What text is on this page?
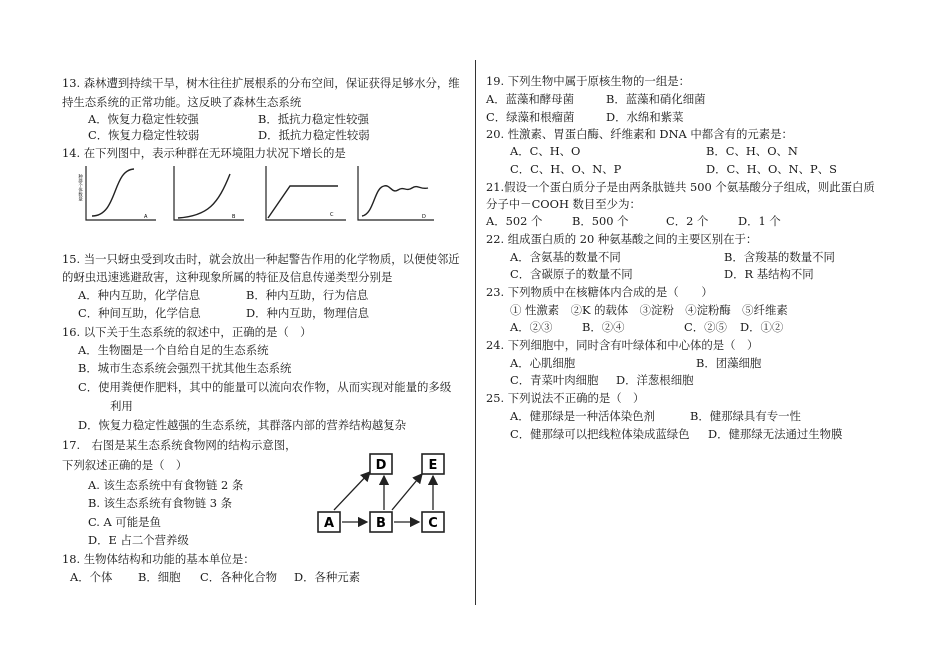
13. 森林遭到持续干旱，树木往往扩展根系的分布空间，保证获得足够水分，维
持生态系统的正常功能。这反映了森林生态系统
A．恢复力稳定性较强	B．抵抗力稳定性较强
C．恢复力稳定性较弱	D．抵抗力稳定性较弱
14. 在下列图中，表示种群在无环境阻力状况下增长的是
种群个体数量
A	B	C	D
15. 当一只蚜虫受到攻击时，就会放出一种起警告作用的化学物质，以便使邻近
的蚜虫迅速逃避敌害，这种现象所属的特征及信息传递类型分别是
A．种内互助，化学信息	B．种内互助，行为信息
C．种间互助，化学信息	D．种内互助，物理信息
16. 以下关于生态系统的叙述中，正确的是（　）
A．生物圈是一个自给自足的生态系统
B．城市生态系统会强烈干扰其他生态系统
C．使用粪便作肥料，其中的能量可以流向农作物，从而实现对能量的多级
利用
D．恢复力稳定性越强的生态系统，其群落内部的营养结构越复杂
17.　右图是某生态系统食物网的结构示意图，
下列叙述正确的是（　）
A. 该生态系统中有食物链 2 条
B. 该生态系统有食物链 3 条
C. A 可能是鱼
D．E 占二个营养级
A	B	C
D	E
18. 生物体结构和功能的基本单位是：
A．个体 B．细胞 C．各种化合物 D．各种元素
19. 下列生物中属于原核生物的一组是：
A．蓝藻和酵母菌	B．蓝藻和硝化细菌
C．绿藻和根瘤菌	D．水绵和紫菜
20. 性激素、胃蛋白酶、纤维素和 DNA 中都含有的元素是：
A．C、H、O	B．C、H、O、N
C．C、H、O、N、P	D．C、H、O、N、P、S
21.假设一个蛋白质分子是由两条肽链共 500 个氨基酸分子组成，则此蛋白质
分子中－COOH 数目至少为：
A．502 个	B．500 个	C．2 个	D．1 个
22. 组成蛋白质的 20 种氨基酸之间的主要区别在于：
A．含氨基的数量不同	B．含羧基的数量不同
C．含碳原子的数量不同	D．R 基结构不同
23. 下列物质中在核糖体内合成的是（　　）
① 性激素　②K 的载体　③淀粉　④淀粉酶　⑤纤维素
A．②③	B．②④	C．②⑤ D．①②
24. 下列细胞中，同时含有叶绿体和中心体的是（　）
A．心肌细胞	B．团藻细胞
C．青菜叶肉细胞 D．洋葱根细胞
25. 下列说法不正确的是（　）
A．健那绿是一种活体染色剂	B．健那绿具有专一性
C．健那绿可以把线粒体染成蓝绿色 D．健那绿无法通过生物膜
